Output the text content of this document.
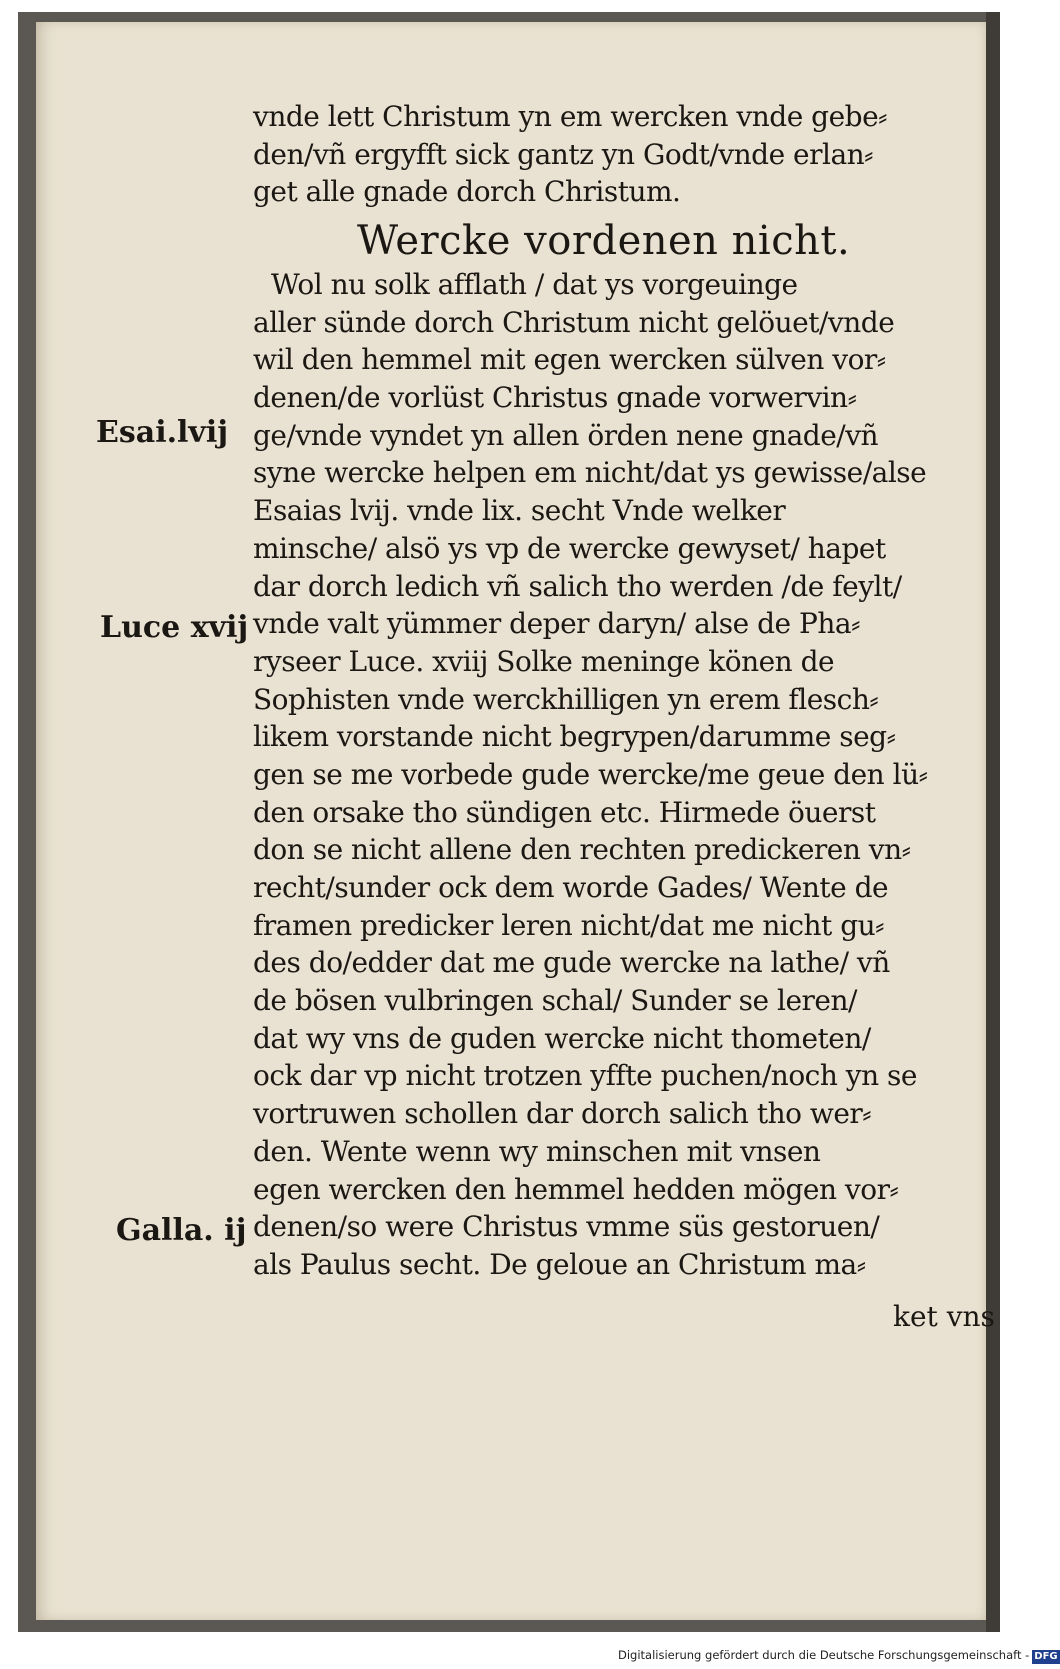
vnde lett Christum yn em wercken vnde gebe⸗
den/vñ ergyfft sick gantz yn Godt/vnde erlan⸗
get alle gnade dorch Christum.
Wercke vordenen nicht.
Wol nu solk afflath / dat ys vorgeuinge
aller sünde dorch Christum nicht gelöuet/vnde
wil den hemmel mit egen wercken sülven vor⸗
denen/de vorlüst Christus gnade vorwervin⸗
ge/vnde vyndet yn allen örden nene gnade/vñ
syne wercke helpen em nicht/dat ys gewisse/alse
Esaias lvij. vnde lix. secht Vnde welker
minsche/ alsö ys vp de wercke gewyset/ hapet
dar dorch ledich vñ salich tho werden /de feylt/
vnde valt yümmer deper daryn/ alse de Pha⸗
ryseer Luce. xviij Solke meninge könen de
Sophisten vnde werckhilligen yn erem flesch⸗
likem vorstande nicht begrypen/darumme seg⸗
gen se me vorbede gude wercke/me geue den lü⸗
den orsake tho sündigen etc. Hirmede öuerst
don se nicht allene den rechten predickeren vn⸗
recht/sunder ock dem worde Gades/ Wente de
framen predicker leren nicht/dat me nicht gu⸗
des do/edder dat me gude wercke na lathe/ vñ
de bösen vulbringen schal/ Sunder se leren/
dat wy vns de guden wercke nicht thometen/
ock dar vp nicht trotzen yffte puchen/noch yn se
vortruwen schollen dar dorch salich tho wer⸗
den. Wente wenn wy minschen mit vnsen
egen wercken den hemmel hedden mögen vor⸗
denen/so were Christus vmme süs gestoruen/
als Paulus secht. De geloue an Christum ma⸗
ket vns
Esai.lvij
Luce xvij
Galla. ij
Digitalisierung gefördert durch die Deutsche Forschungsgemeinschaft - DFG
